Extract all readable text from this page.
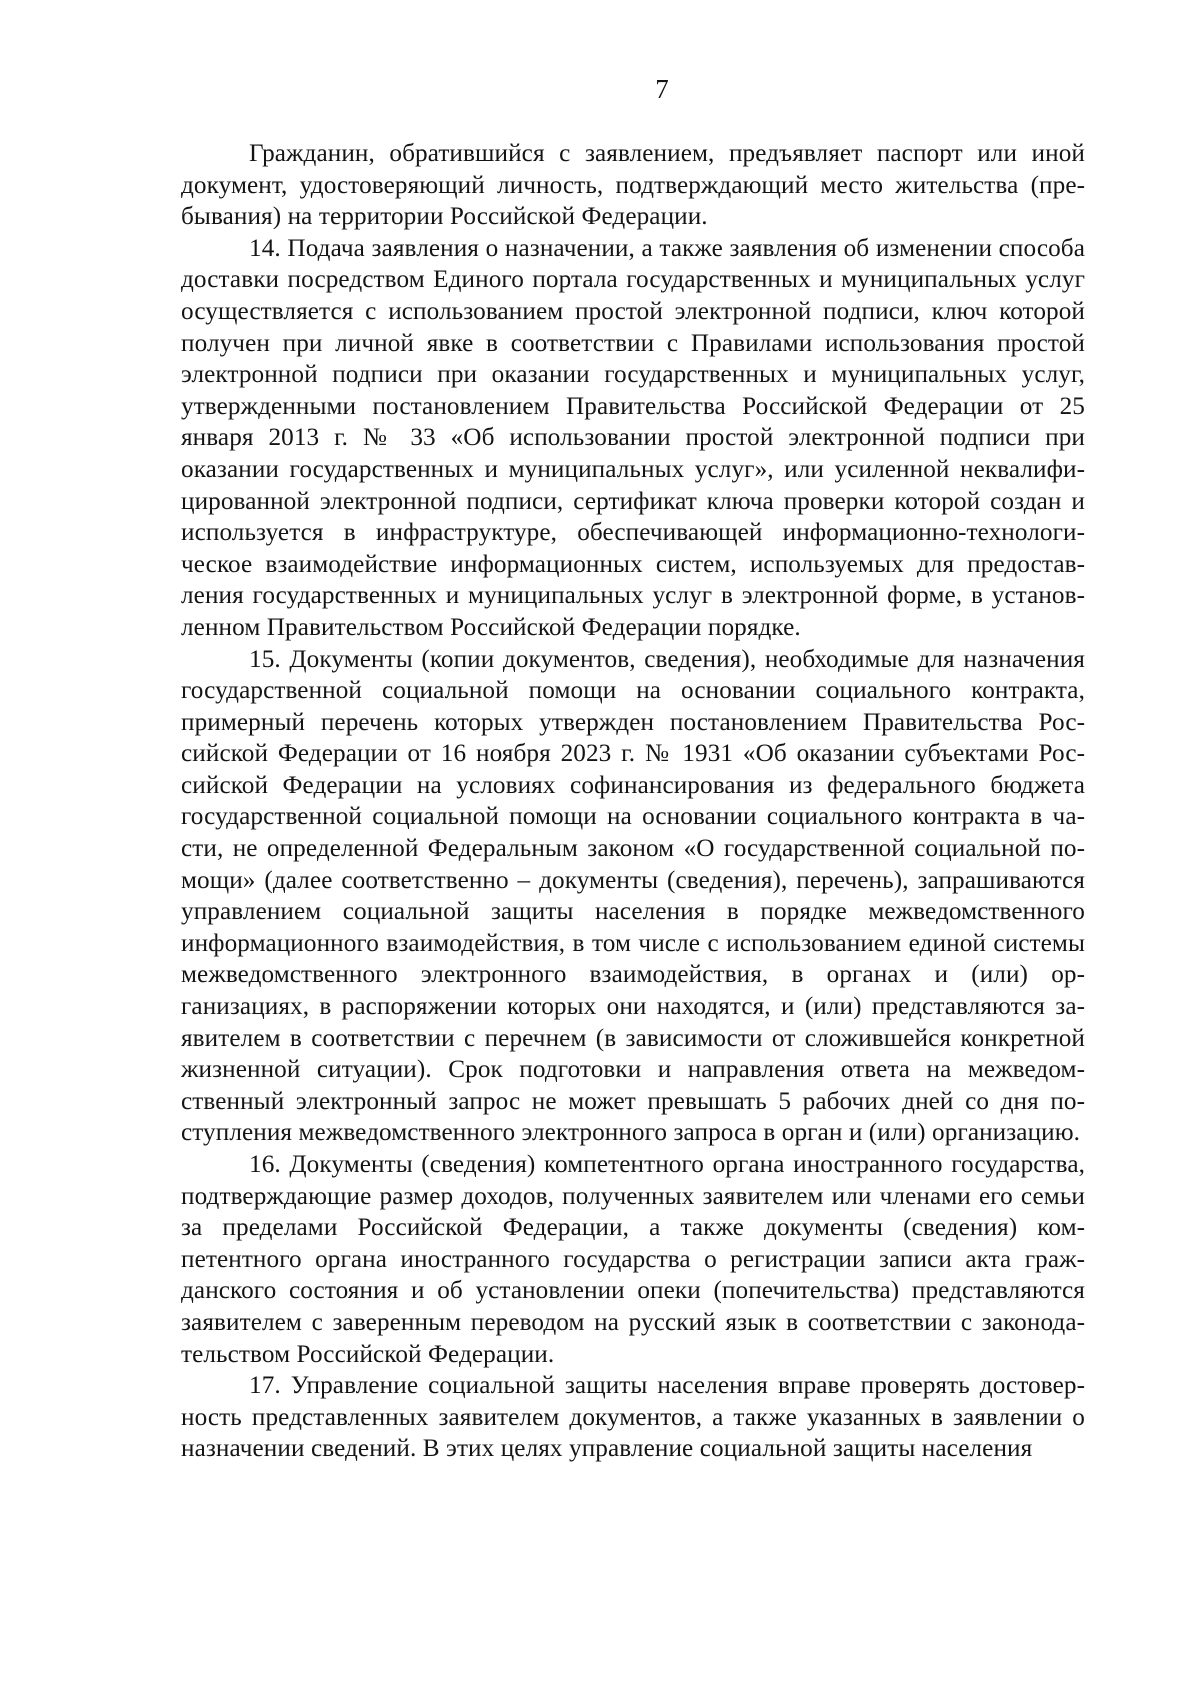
7

Гражданин, обратившийся с заявлением, предъявляет паспорт или иной документ, удостоверяющий личность, подтверждающий место жительства (пребывания) на территории Российской Федерации.

14. Подача заявления о назначении, а также заявления об изменении способа доставки посредством Единого портала государственных и муниципальных услуг осуществляется с использованием простой электронной подписи, ключ которой получен при личной явке в соответствии с Правилами использования простой электронной подписи при оказании государственных и муниципальных услуг, утвержденными постановлением Правительства Российской Федерации от 25 января 2013 г. № 33 «Об использовании простой электронной подписи при оказании государственных и муниципальных услуг», или усиленной неквалифицированной электронной подписи, сертификат ключа проверки которой создан и используется в инфраструктуре, обеспечивающей информационно-технологическое взаимодействие информационных систем, используемых для предоставления государственных и муниципальных услуг в электронной форме, в установленном Правительством Российской Федерации порядке.

15. Документы (копии документов, сведения), необходимые для назначения государственной социальной помощи на основании социального контракта, примерный перечень которых утвержден постановлением Правительства Российской Федерации от 16 ноября 2023 г. № 1931 «Об оказании субъектами Российской Федерации на условиях софинансирования из федерального бюджета государственной социальной помощи на основании социального контракта в части, не определенной Федеральным законом «О государственной социальной помощи» (далее соответственно – документы (сведения), перечень), запрашиваются управлением социальной защиты населения в порядке межведомственного информационного взаимодействия, в том числе с использованием единой системы межведомственного электронного взаимодействия, в органах и (или) организациях, в распоряжении которых они находятся, и (или) представляются заявителем в соответствии с перечнем (в зависимости от сложившейся конкретной жизненной ситуации). Срок подготовки и направления ответа на межведомственный электронный запрос не может превышать 5 рабочих дней со дня поступления межведомственного электронного запроса в орган и (или) организацию.

16. Документы (сведения) компетентного органа иностранного государства, подтверждающие размер доходов, полученных заявителем или членами его семьи за пределами Российской Федерации, а также документы (сведения) компетентного органа иностранного государства о регистрации записи акта гражданского состояния и об установлении опеки (попечительства) представляются заявителем с заверенным переводом на русский язык в соответствии с законодательством Российской Федерации.

17. Управление социальной защиты населения вправе проверять достоверность представленных заявителем документов, а также указанных в заявлении о назначении сведений. В этих целях управление социальной защиты населения
